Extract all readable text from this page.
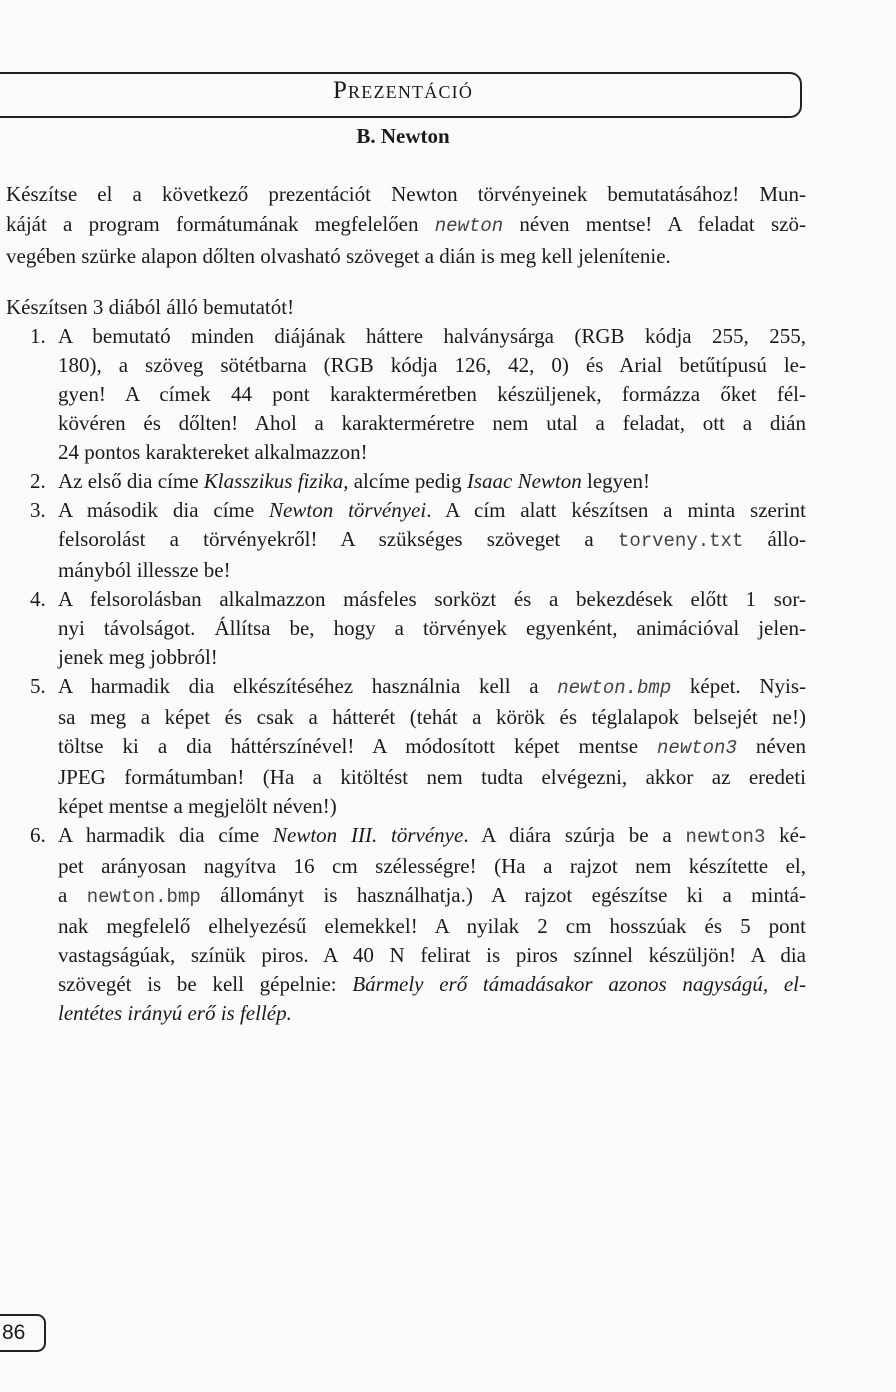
Prezentáció
B. Newton

Készítse el a következő prezentációt Newton törvényeinek bemutatásához! Mun-
káját a program formátumának megfelelően newton néven mentse! A feladat szö-
vegében szürke alapon dőlten olvasható szöveget a dián is meg kell jelenítenie.

Készítsen 3 diából álló bemutatót!

1. A bemutató minden diájának háttere halványsárga (RGB kódja 255, 255,
180), a szöveg sötétbarna (RGB kódja 126, 42, 0) és Arial betűtípusú le-
gyen! A címek 44 pont karakterméretben készüljenek, formázza őket fél-
kövéren és dőlten! Ahol a karakterméretre nem utal a feladat, ott a dián
24 pontos karaktereket alkalmazzon!
2. Az első dia címe Klasszikus fizika, alcíme pedig Isaac Newton legyen!
3. A második dia címe Newton törvényei. A cím alatt készítsen a minta szerint
felsorolást a törvényekről! A szükséges szöveget a torveny.txt állo-
mányból illessze be!
4. A felsorolásban alkalmazzon másfeles sorközt és a bekezdések előtt 1 sor-
nyi távolságot. Állítsa be, hogy a törvények egyenként, animációval jelen-
jenek meg jobbról!
5. A harmadik dia elkészítéséhez használnia kell a newton.bmp képet. Nyis-
sa meg a képet és csak a hátterét (tehát a körök és téglalapok belsejét ne!)
töltse ki a dia háttérszínével! A módosított képet mentse newton3 néven
JPEG formátumban! (Ha a kitöltést nem tudta elvégezni, akkor az eredeti
képet mentse a megjelölt néven!)
6. A harmadik dia címe Newton III. törvénye. A diára szúrja be a newton3 ké-
pet arányosan nagyítva 16 cm szélességre! (Ha a rajzot nem készítette el,
a newton.bmp állományt is használhatja.) A rajzot egészítse ki a mintá-
nak megfelelő elhelyezésű elemekkel! A nyilak 2 cm hosszúak és 5 pont
vastagságúak, színük piros. A 40 N felirat is piros színnel készüljön! A dia
szövegét is be kell gépelnie: Bármely erő támadásakor azonos nagyságú, el-
lentétes irányú erő is fellép.
86
